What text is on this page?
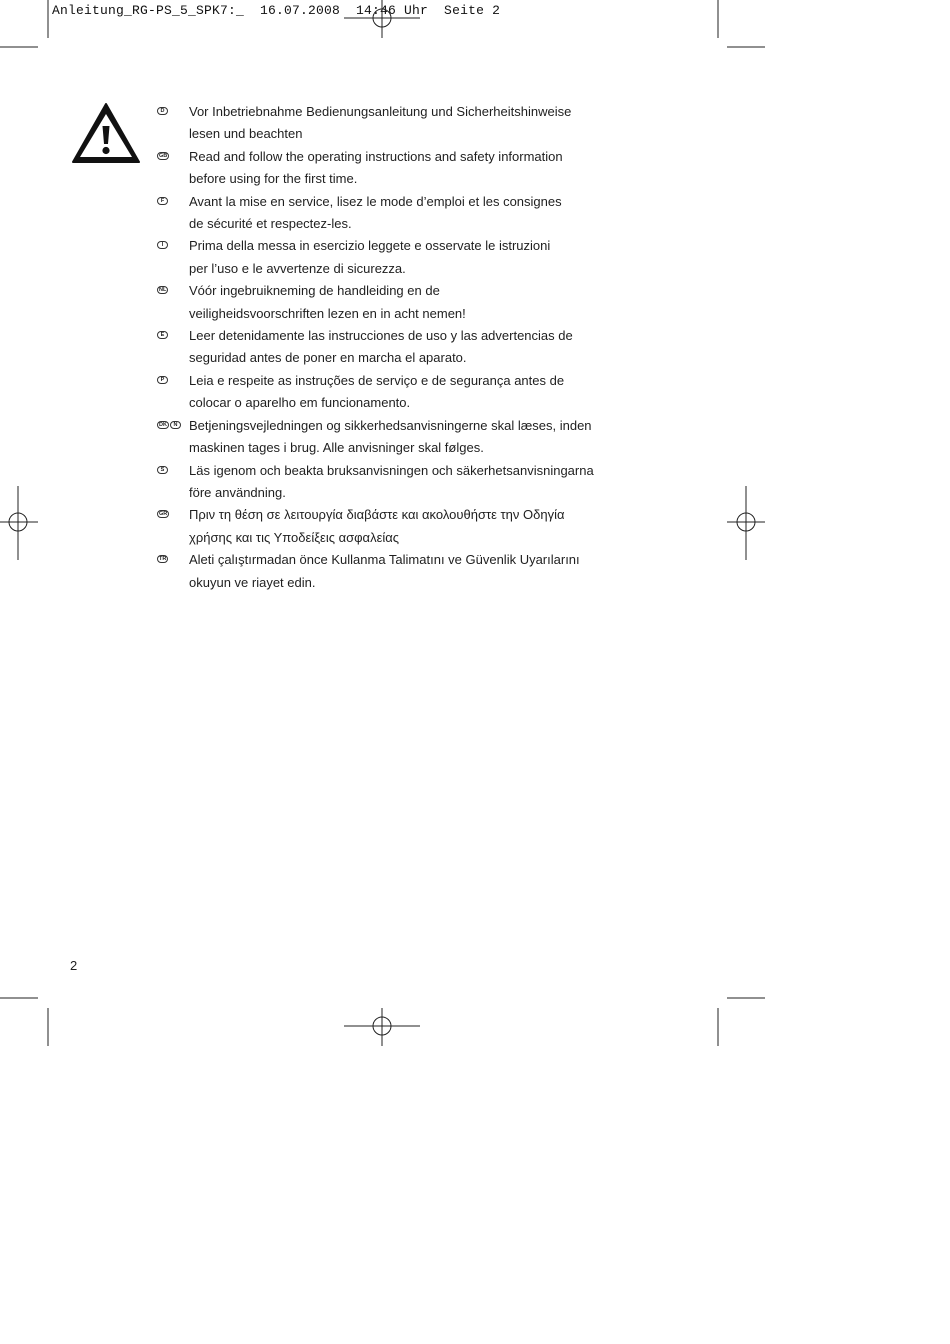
Anleitung_RG-PS_5_SPK7:_  16.07.2008  14:46 Uhr  Seite 2
D Vor Inbetriebnahme Bedienungsanleitung und Sicherheitshinweise
lesen und beachten
GB Read and follow the operating instructions and safety information
before using for the first time.
F Avant la mise en service, lisez le mode d’emploi et les consignes
de sécurité et respectez-les.
I	Prima della messa in esercizio leggete e osservate le istruzioni
per l’uso e le avvertenze di sicurezza.
NL Vóór ingebruikneming de handleiding en de
veiligheidsvoorschriften lezen en in acht nemen!
E Leer detenidamente las instrucciones de uso y las advertencias de
seguridad antes de poner en marcha el aparato.
P Leia e respeite as instruções de serviço e de segurança antes de
colocar o aparelho em funcionamento.
DK	N Betjeningsvejledningen og sikkerhedsanvisningerne skal læses, inden
maskinen tages i brug. Alle anvisninger skal følges.
S Läs igenom och beakta bruksanvisningen och säkerhetsanvisningarna
före användning.
GR Πριν τη θέση σε λειτουργία διαβάστε και ακολουθήστε την Οδηγία
χρήσης και τις Υποδείξεις ασφαλείας
TR Aleti çalıştırmadan önce Kullanma Talimatını ve Güvenlik Uyarılarını
okuyun ve riayet edin.
2
